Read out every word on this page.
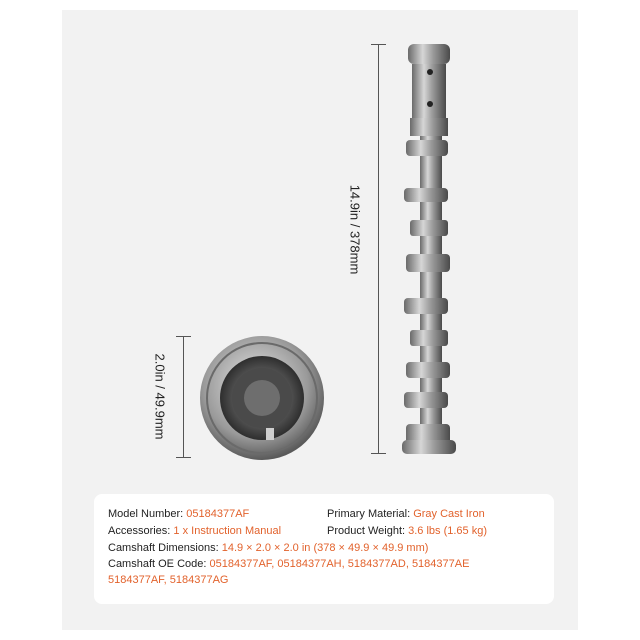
14.9in / 378mm
2.0in / 49.9mm
Model Number: 05184377AF	Primary Material: Gray Cast Iron
Accessories: 1 x Instruction Manual	Product Weight: 3.6 lbs (1.65 kg)
Camshaft Dimensions: 14.9 × 2.0 × 2.0 in (378 × 49.9 × 49.9 mm)
Camshaft OE Code: 05184377AF, 05184377AH, 5184377AD, 5184377AE
5184377AF, 5184377AG
